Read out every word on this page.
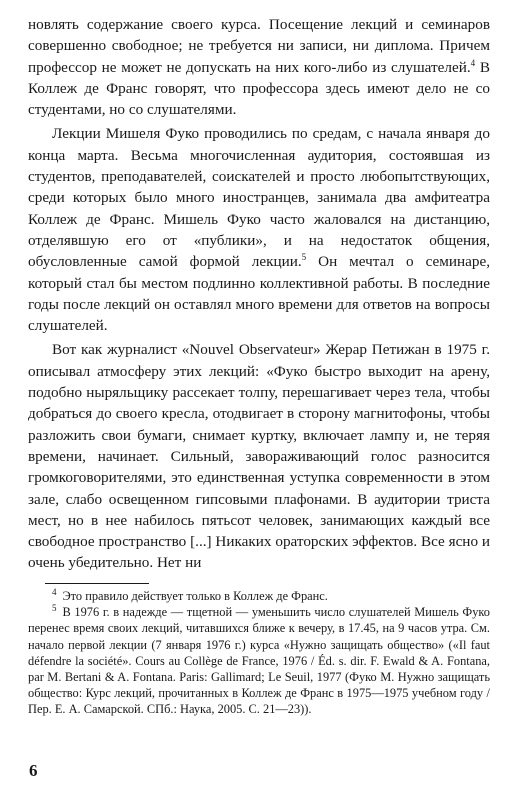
новлять содержание своего курса. Посещение лекций и семинаров совершенно свободное; не требуется ни записи, ни диплома. Причем профессор не может не допускать на них кого-либо из слушателей.$^4$ В Коллеж де Франс говорят, что профессора здесь имеют дело не со студентами, но со слушателями.

Лекции Мишеля Фуко проводились по средам, с начала января до конца марта. Весьма многочисленная аудитория, состоявшая из студентов, преподавателей, соискателей и просто любопытствующих, среди которых было много иностранцев, занимала два амфитеатра Коллеж де Франс. Мишель Фуко часто жаловался на дистанцию, отделявшую его от «публики», и на недостаток общения, обусловленные самой формой лекции.$^5$ Он мечтал о семинаре, который стал бы местом подлинно коллективной работы. В последние годы после лекций он оставлял много времени для ответов на вопросы слушателей.

Вот как журналист «Nouvel Observateur» Жерар Петижан в 1975 г. описывал атмосферу этих лекций: «Фуко быстро выходит на арену, подобно ныряльщику рассекает толпу, перешагивает через тела, чтобы добраться до своего кресла, отодвигает в сторону магнитофоны, чтобы разложить свои бумаги, снимает куртку, включает лампу и, не теряя времени, начинает. Сильный, завораживающий голос разносится громкоговорителями, это единственная уступка современности в этом зале, слабо освещенном гипсовыми плафонами. В аудитории триста мест, но в нее набилось пятьсот человек, занимающих каждый все свободное пространство [...] Никаких ораторских эффектов. Все ясно и очень убедительно. Нет ни

$^4$ Это правило действует только в Коллеж де Франс.

$^5$ В 1976 г. в надежде — тщетной — уменьшить число слушателей Мишель Фуко перенес время своих лекций, читавшихся ближе к вечеру, в 17.45, на 9 часов утра. См. начало первой лекции (7 января 1976 г.) курса «Нужно защищать общество» («Il faut défendre la société». Cours au Collège de France, 1976 / Éd. s. dir. F. Ewald & A. Fontana, par M. Bertani & A. Fontana. Paris: Gallimard; Le Seuil, 1977 (Фуко М. Нужно защищать общество: Курс лекций, прочитанных в Коллеж де Франс в 1975—1975 учебном году / Пер. Е. А. Самарской. СПб.: Наука, 2005. С. 21—23)).

6
